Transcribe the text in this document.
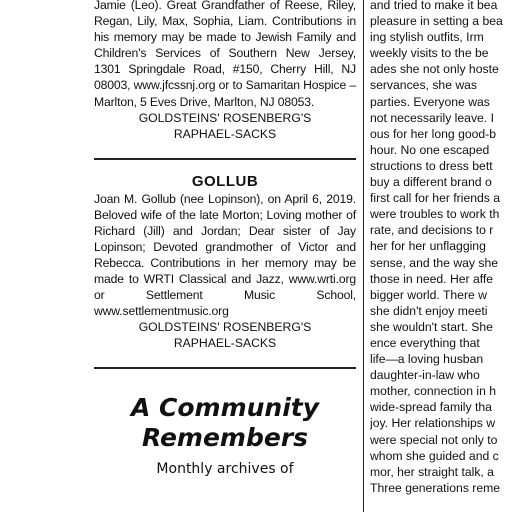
Jamie (Leo). Great Grandfather of Reese, Riley, Regan, Lily, Max, Sophia, Liam. Contributions in his memory may be made to Jewish Family and Children's Services of Southern New Jersey, 1301 Springdale Road, #150, Cherry Hill, NJ 08003, www.jfcssnj.org or to Samaritan Hospice – Marlton, 5 Eves Drive, Marlton, NJ 08053.

GOLDSTEINS' ROSENBERG'S

RAPHAEL-SACKS

GOLLUB

Joan M. Gollub (nee Lopinson), on April 6, 2019. Beloved wife of the late Morton; Loving mother of Richard (Jill) and Jordan; Dear sister of Jay Lopinson; Devoted grandmother of Victor and Rebecca. Contributions in her memory may be made to WRTI Classical and Jazz, www.wrti.org or Settlement Music School, www.settlementmusic.org

GOLDSTEINS' ROSENBERG'S

RAPHAEL-SACKS

A Community

Remembers

Monthly archives of

and tried to make it bea
pleasure in setting a bea
ing stylish outfits, Irm
weekly visits to the be
ades she not only hoste
servances, she was
parties. Everyone was
not necessarily leave. I
ous for her long good-b
hour. No one escaped
structions to dress bett
buy a different brand o
first call for her friends a
were troubles to work th
rate, and decisions to r
her for her unflagging
sense, and the way she
those in need. Her affe
bigger world. There w
she didn't enjoy meeti
she wouldn't start. She
ence everything that
life—a loving husban
daughter-in-law who
mother, connection in h
wide-spread family tha
joy. Her relationships w
were special not only to
whom she guided and c
mor, her straight talk, a
Three generations reme
